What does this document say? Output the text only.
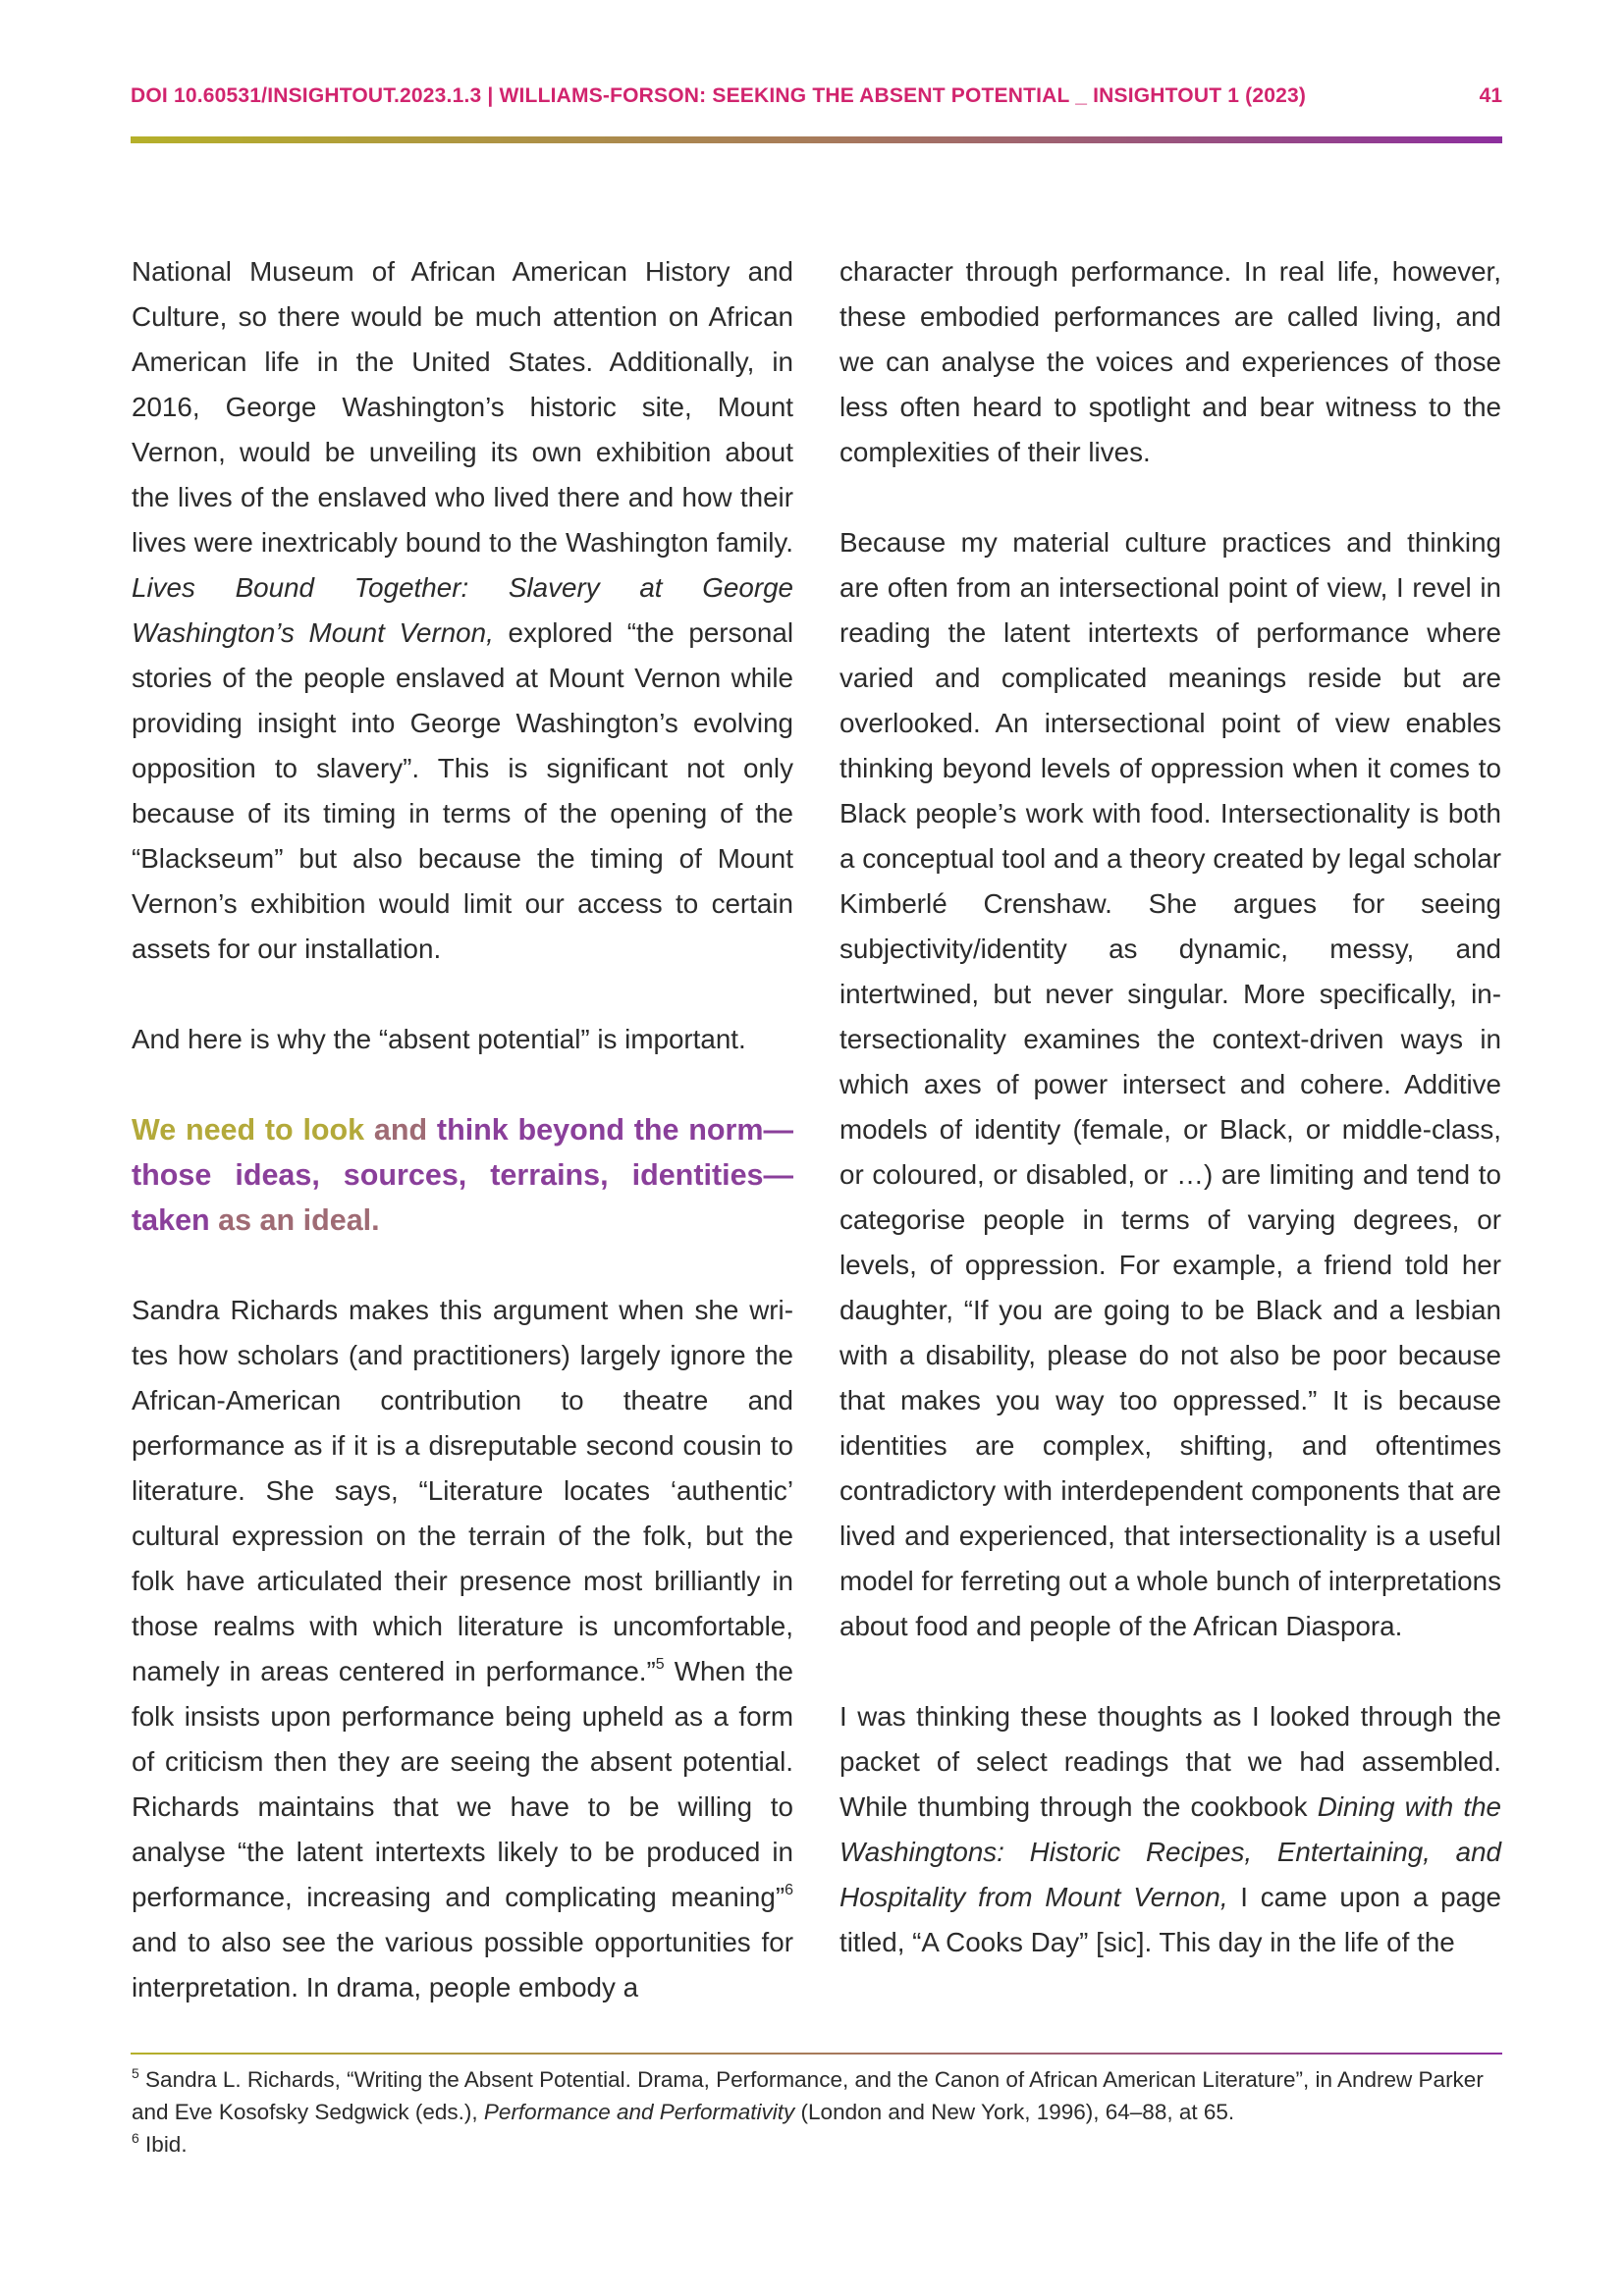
DOI 10.60531/INSIGHTOUT.2023.1.3 | WILLIAMS-FORSON: SEEKING THE ABSENT POTENTIAL _ INSIGHTOUT 1 (2023)	41

National Museum of African American History and Culture, so there would be much attention on African American life in the United States. Additionally, in 2016, George Washington’s historic site, Mount Vernon, would be unveiling its own exhibition about the lives of the enslaved who lived there and how their lives were inextricably bound to the Washington family. Lives Bound Together: Slavery at George Washington’s Mount Vernon, explored “the personal stories of the people enslaved at Mount Vernon while providing insight into George Washington’s evolving opposition to slavery”. This is significant not only because of its timing in terms of the opening of the “Blackseum” but also because the timing of Mount Vernon’s exhibition would limit our access to certain assets for our installation.

And here is why the “absent potential” is important.

We need to look and think beyond the norm—those ideas, sources, terrains, identities—taken as an ideal.

Sandra Richards makes this argument when she writes how scholars (and practitioners) largely ignore the African-American contribution to theatre and performance as if it is a disreputable second cousin to literature. She says, “Literature locates ‘authentic’ cultural expression on the terrain of the folk, but the folk have articulated their presence most brilliantly in those realms with which literature is uncomfortable, namely in areas centered in performance.”$^5$ When the folk insists upon performance being upheld as a form of criticism then they are seeing the absent potential. Richards maintains that we have to be willing to analyse “the latent intertexts likely to be produced in performance, increasing and complicating meaning”$^6$ and to also see the various possible opportunities for interpretation. In drama, people embody a

character through performance. In real life, however, these embodied performances are called living, and we can analyse the voices and experiences of those less often heard to spotlight and bear witness to the complexities of their lives.

Because my material culture practices and thinking are often from an intersectional point of view, I revel in reading the latent intertexts of performance where varied and complicated meanings reside but are overlooked. An intersectional point of view enables thinking beyond levels of oppression when it comes to Black people’s work with food. Intersectionality is both a conceptual tool and a theory created by legal scholar Kimberlé Crenshaw. She argues for seeing subjectivity/identity as dynamic, messy, and intertwined, but never singular. More specifically, intersectionality examines the context-driven ways in which axes of power intersect and cohere. Additive models of identity (female, or Black, or middle-class, or coloured, or disabled, or …) are limiting and tend to categorise people in terms of varying degrees, or levels, of oppression. For example, a friend told her daughter, “If you are going to be Black and a lesbian with a disability, please do not also be poor because that makes you way too oppressed.” It is because identities are complex, shifting, and oftentimes contradictory with interdependent components that are lived and experienced, that intersectionality is a useful model for ferreting out a whole bunch of interpretations about food and people of the African Diaspora.

I was thinking these thoughts as I looked through the packet of select readings that we had assembled. While thumbing through the cookbook Dining with the Washingtons: Historic Recipes, Entertaining, and Hospitality from Mount Vernon, I came upon a page titled, “A Cooks Day” [sic]. This day in the life of the

$^5$ Sandra L. Richards, “Writing the Absent Potential. Drama, Performance, and the Canon of African American Literature”, in Andrew Parker and Eve Kosofsky Sedgwick (eds.), Performance and Performativity (London and New York, 1996), 64–88, at 65.

$^6$ Ibid.
